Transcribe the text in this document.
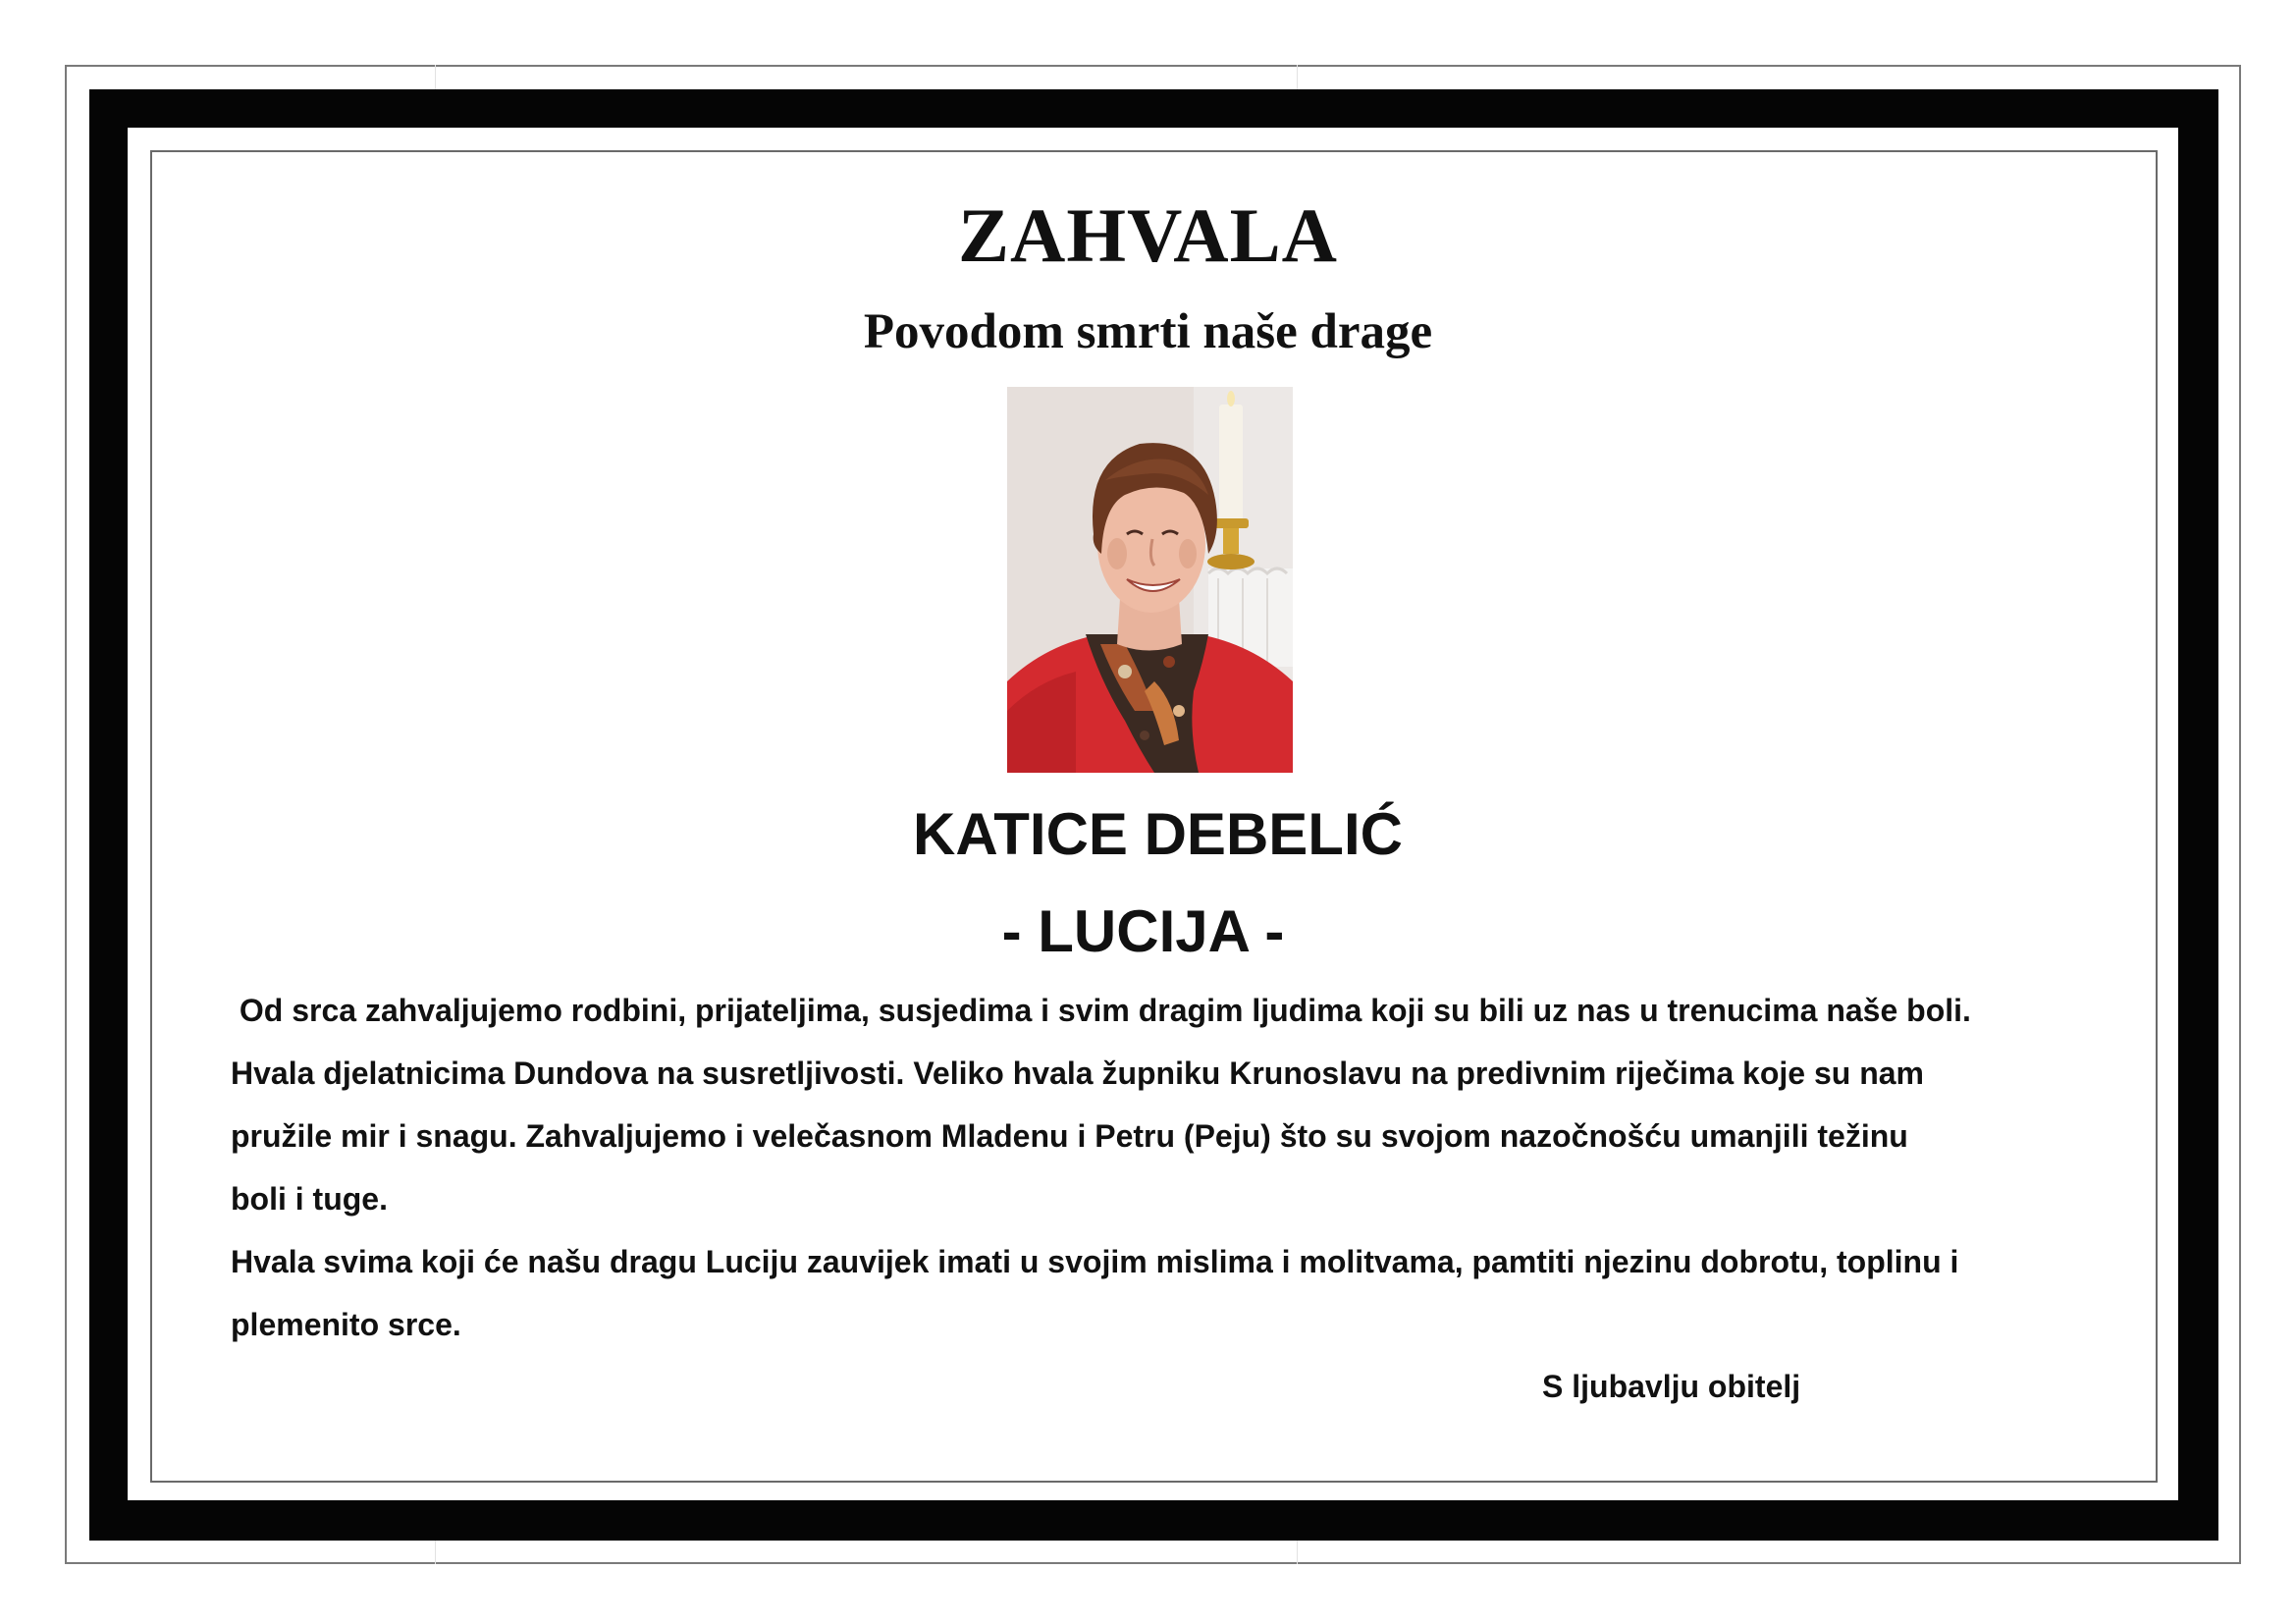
ZAHVALA
Povodom smrti naše drage
KATICE DEBELIĆ
- LUCIJA -
Od srca zahvaljujemo rodbini, prijateljima, susjedima i svim dragim ljudima koji su bili uz nas u trenucima naše boli.
Hvala djelatnicima Dundova na susretljivosti. Veliko hvala župniku Krunoslavu na predivnim riječima koje su nam
pružile mir i snagu. Zahvaljujemo i velečasnom Mladenu i Petru (Peju) što su svojom nazočnošću umanjili težinu
boli i tuge.
Hvala svima koji će našu dragu Luciju zauvijek imati u svojim mislima i molitvama, pamtiti njezinu dobrotu, toplinu i
plemenito srce.
S ljubavlju obitelj
